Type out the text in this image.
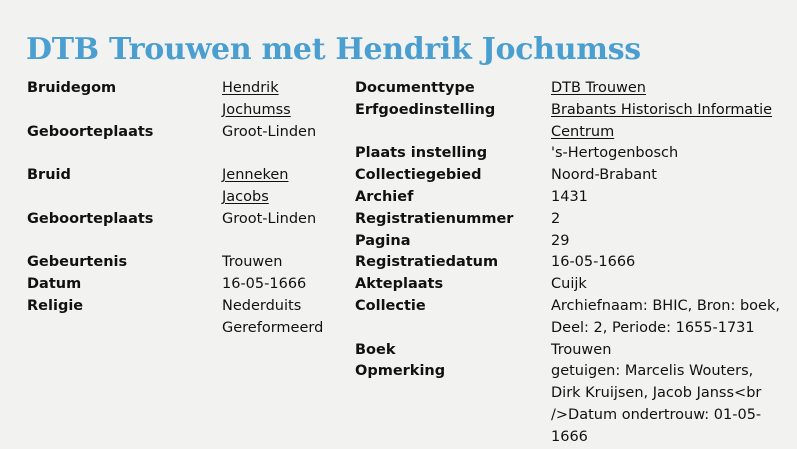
DTB Trouwen met Hendrik Jochumss
Bruidegom	Hendrik Jochumss
Geboorteplaats	Groot-Linden
Bruid	Jenneken Jacobs
Geboorteplaats	Groot-Linden
Gebeurtenis	Trouwen
Datum	16-05-1666
Religie	Nederduits Gereformeerd
Documenttype	DTB Trouwen
Erfgoedinstelling	Brabants Historisch Informatie Centrum
Plaats instelling	's-Hertogenbosch
Collectiegebied	Noord-Brabant
Archief	1431
Registratienummer	2
Pagina	29
Registratiedatum	16-05-1666
Akteplaats	Cuijk
Collectie	Archiefnaam: BHIC, Bron: boek, Deel: 2, Periode: 1655-1731
Boek	Trouwen
Opmerking	getuigen: Marcelis Wouters, Dirk Kruijsen, Jacob Janss<br />Datum ondertrouw: 01-05-1666
